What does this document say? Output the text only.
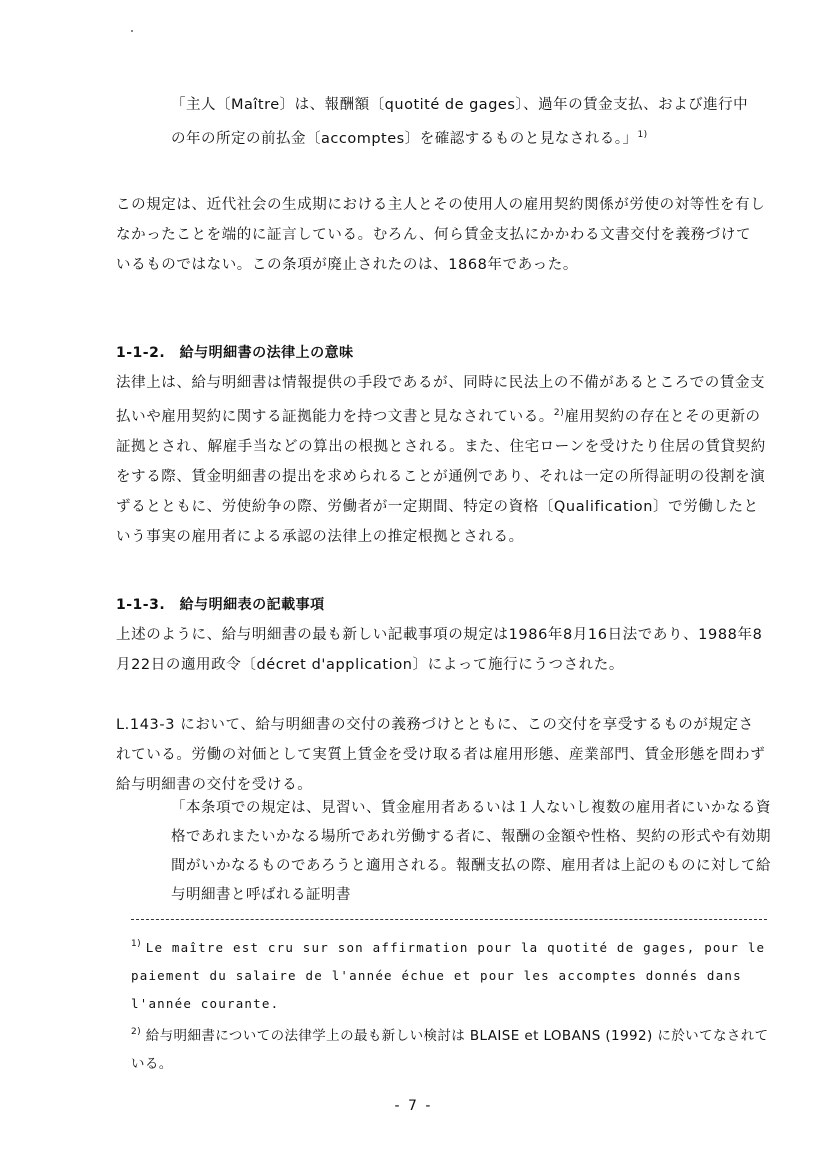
「主人〔Maître〕は、報酬額〔quotité de gages〕、過年の賃金支払、および進行中の年の所定の前払金〔accomptes〕を確認するものと見なされる。」$^{1)}$

この規定は、近代社会の生成期における主人とその使用人の雇用契約関係が労使の対等性を有しなかったことを端的に証言している。むろん、何ら賃金支払にかかわる文書交付を義務づけているものではない。この条項が廃止されたのは、1868年であった。

1-1-2.　給与明細書の法律上の意味

法律上は、給与明細書は情報提供の手段であるが、同時に民法上の不備があるところでの賃金支払いや雇用契約に関する証拠能力を持つ文書と見なされている。$^{2)}$雇用契約の存在とその更新の証拠とされ、解雇手当などの算出の根拠とされる。また、住宅ローンを受けたり住居の賃貸契約をする際、賃金明細書の提出を求められることが通例であり、それは一定の所得証明の役割を演ずるとともに、労使紛争の際、労働者が一定期間、特定の資格〔Qualification〕で労働したという事実の雇用者による承認の法律上の推定根拠とされる。

1-1-3.　給与明細表の記載事項

上述のように、給与明細書の最も新しい記載事項の規定は1986年8月16日法であり、1988年8月22日の適用政令〔décret d'application〕によって施行にうつされた。

L.143-3 において、給与明細書の交付の義務づけとともに、この交付を享受するものが規定されている。労働の対価として実質上賃金を受け取る者は雇用形態、産業部門、賃金形態を問わず給与明細書の交付を受ける。

「本条項での規定は、見習い、賃金雇用者あるいは１人ないし複数の雇用者にいかなる資格であれまたいかなる場所であれ労働する者に、報酬の金額や性格、契約の形式や有効期間がいかなるものであろうと適用される。報酬支払の際、雇用者は上記のものに対して給与明細書と呼ばれる証明書

$^{1)}$ Le maître est cru sur son affirmation pour la quotité de gages, pour le paiement du salaire de l'année échue et pour les accomptes donnés dans l'année courante.

$^{2)}$ 給与明細書についての法律学上の最も新しい検討は BLAISE et LOBANS (1992) に於いてなされている。

- 7 -
